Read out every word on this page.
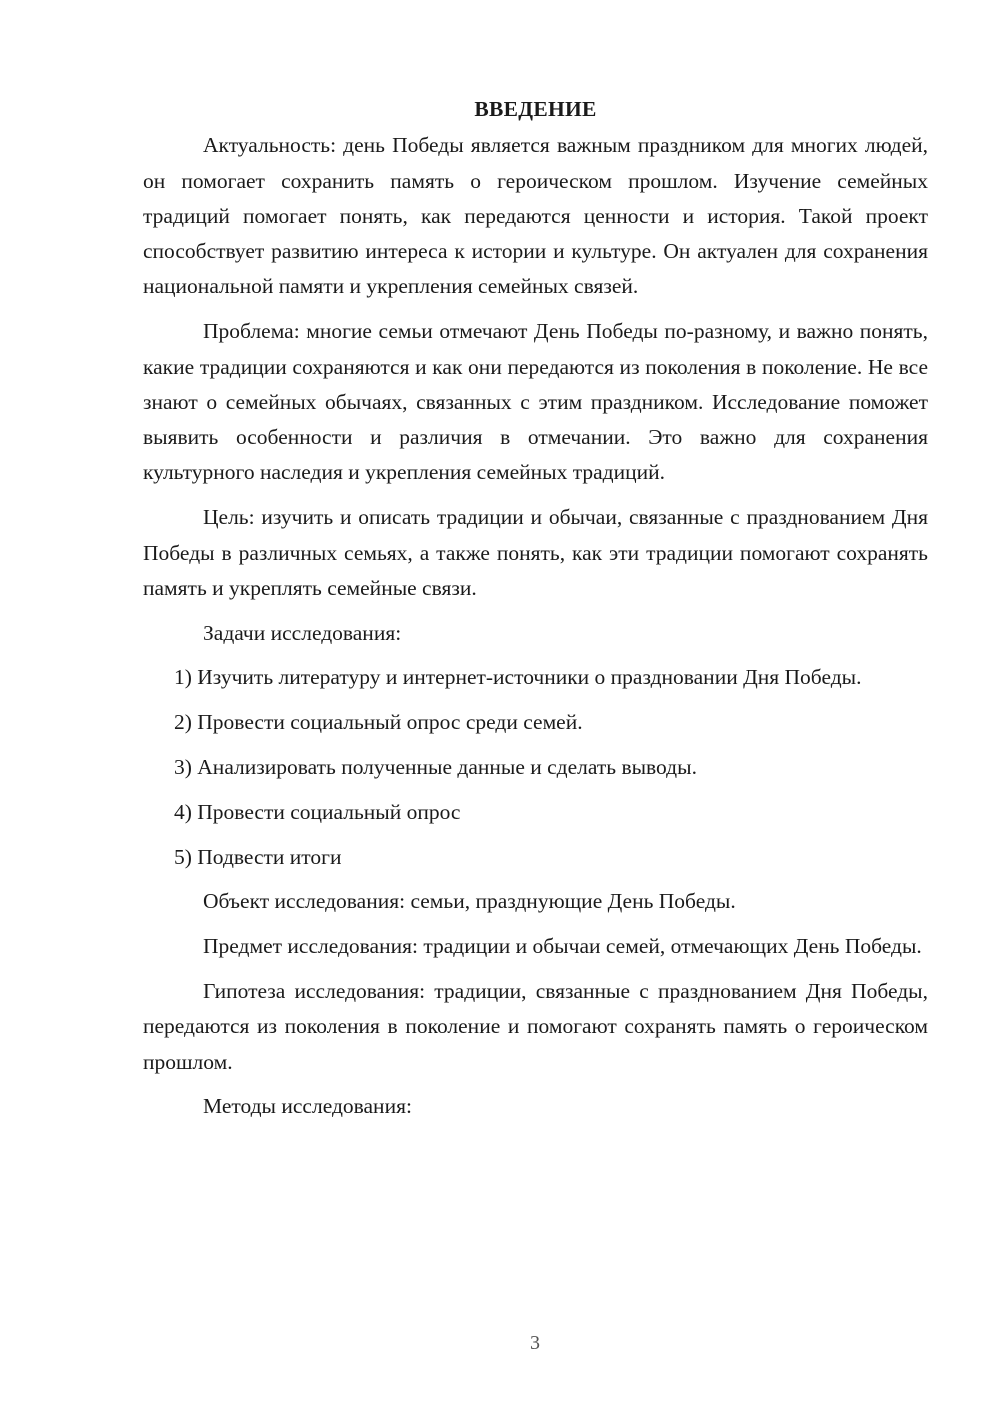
ВВЕДЕНИЕ

Актуальность: день Победы является важным праздником для многих людей, он помогает сохранить память о героическом прошлом. Изучение семейных традиций помогает понять, как передаются ценности и история. Такой проект способствует развитию интереса к истории и культуре. Он актуален для сохранения национальной памяти и укрепления семейных связей.

Проблема: многие семьи отмечают День Победы по-разному, и важно понять, какие традиции сохраняются и как они передаются из поколения в поколение. Не все знают о семейных обычаях, связанных с этим праздником. Исследование поможет выявить особенности и различия в отмечании. Это важно для сохранения культурного наследия и укрепления семейных традиций.

Цель: изучить и описать традиции и обычаи, связанные с празднованием Дня Победы в различных семьях, а также понять, как эти традиции помогают сохранять память и укреплять семейные связи.

Задачи исследования:

1) Изучить литературу и интернет-источники о праздновании Дня Победы.

2) Провести социальный опрос среди семей.

3) Анализировать полученные данные и сделать выводы.

4) Провести социальный опрос

5) Подвести итоги

Объект исследования: семьи, празднующие День Победы.

Предмет исследования: традиции и обычаи семей, отмечающих День Победы.

Гипотеза исследования: традиции, связанные с празднованием Дня Победы, передаются из поколения в поколение и помогают сохранять память о героическом прошлом.

Методы исследования:

3
